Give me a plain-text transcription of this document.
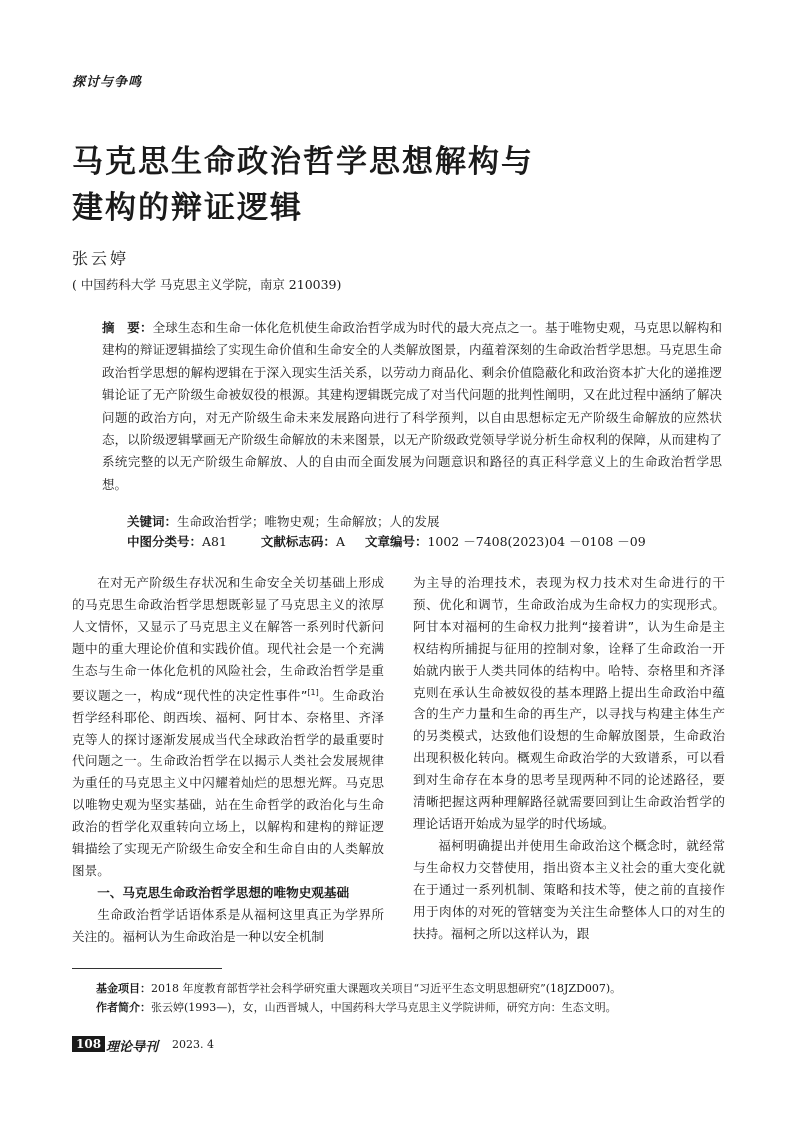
探讨与争鸣
马克思生命政治哲学思想解构与
建构的辩证逻辑
张云婷
( 中国药科大学 马克思主义学院，南京 210039)
摘　要：全球生态和生命一体化危机使生命政治哲学成为时代的最大亮点之一。基于唯物史观，马克思以解构和建构的辩证逻辑描绘了实现生命价值和生命安全的人类解放图景，内蕴着深刻的生命政治哲学思想。马克思生命政治哲学思想的解构逻辑在于深入现实生活关系，以劳动力商品化、剩余价值隐蔽化和政治资本扩大化的递推逻辑论证了无产阶级生命被奴役的根源。其建构逻辑既完成了对当代问题的批判性阐明，又在此过程中涵纳了解决问题的政治方向，对无产阶级生命未来发展路向进行了科学预判，以自由思想标定无产阶级生命解放的应然状态，以阶级逻辑擘画无产阶级生命解放的未来图景，以无产阶级政党领导学说分析生命权利的保障，从而建构了系统完整的以无产阶级生命解放、人的自由而全面发展为问题意识和路径的真正科学意义上的生命政治哲学思想。
关键词：生命政治哲学；唯物史观；生命解放；人的发展
中图分类号：A81	文献标志码：A 文章编号：1002 －7408(2023)04 －0108 －09

在对无产阶级生存状况和生命安全关切基础上形成的马克思生命政治哲学思想既彰显了马克思主义的浓厚人文情怀，又显示了马克思主义在解答一系列时代新问题中的重大理论价值和实践价值。现代社会是一个充满生态与生命一体化危机的风险社会，生命政治哲学是重要议题之一，构成“现代性的决定性事件”[1]。生命政治哲学经科耶伦、朗西埃、福柯、阿甘本、奈格里、齐泽克等人的探讨逐渐发展成当代全球政治哲学的最重要时代问题之一。生命政治哲学在以揭示人类社会发展规律为重任的马克思主义中闪耀着灿烂的思想光辉。马克思以唯物史观为坚实基础，站在生命哲学的政治化与生命政治的哲学化双重转向立场上，以解构和建构的辩证逻辑描绘了实现无产阶级生命安全和生命自由的人类解放图景。

一、马克思生命政治哲学思想的唯物史观基础

生命政治哲学话语体系是从福柯这里真正为学界所关注的。福柯认为生命政治是一种以安全机制

为主导的治理技术，表现为权力技术对生命进行的干预、优化和调节，生命政治成为生命权力的实现形式。阿甘本对福柯的生命权力批判“接着讲”，认为生命是主权结构所捕捉与征用的控制对象，诠释了生命政治一开始就内嵌于人类共同体的结构中。哈特、奈格里和齐泽克则在承认生命被奴役的基本理路上提出生命政治中蕴含的生产力量和生命的再生产，以寻找与构建主体生产的另类模式，达致他们设想的生命解放图景，生命政治出现积极化转向。概观生命政治学的大致谱系，可以看到对生命存在本身的思考呈现两种不同的论述路径，要清晰把握这两种理解路径就需要回到让生命政治哲学的理论话语开始成为显学的时代场域。

福柯明确提出并使用生命政治这个概念时，就经常与生命权力交替使用，指出资本主义社会的重大变化就在于通过一系列机制、策略和技术等，使之前的直接作用于肉体的对死的管辖变为关注生命整体人口的对生的扶持。福柯之所以这样认为，跟

基金项目：2018 年度教育部哲学社会科学研究重大课题攻关项目“习近平生态文明思想研究”(18JZD007)。
作者简介：张云婷(1993—)，女，山西晋城人，中国药科大学马克思主义学院讲师，研究方向：生态文明。
108 理论导刊 2023. 4
